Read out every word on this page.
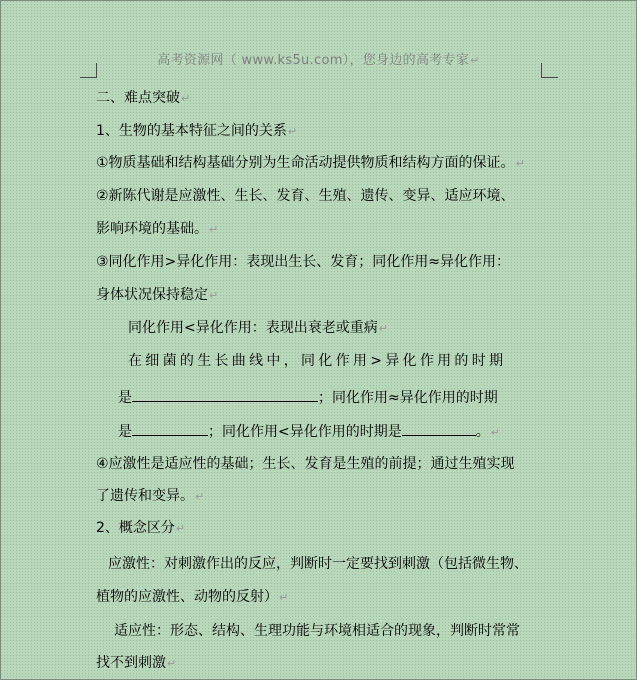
高考资源网（ www.ks5u.com），您身边的高考专家↵
二、难点突破↵
1、生物的基本特征之间的关系↵
①物质基础和结构基础分别为生命活动提供物质和结构方面的保证。↵
②新陈代谢是应激性、生长、发育、生殖、遗传、变异、适应环境、
影响环境的基础。↵
③同化作用>异化作用：表现出生长、发育；同化作用≈异化作用：
身体状况保持稳定↵
同化作用<异化作用：表现出衰老或重病↵
在细菌的生长曲线中，同化作用>异化作用的时期
是	；同化作用≈异化作用的时期
是	；同化作用<异化作用的时期是	。↵
④应激性是适应性的基础；生长、发育是生殖的前提；通过生殖实现
了遗传和变异。↵
2、概念区分↵
应激性：对刺激作出的反应，判断时一定要找到刺激（包括微生物、
植物的应激性、动物的反射）↵
适应性：形态、结构、生理功能与环境相适合的现象，判断时常常
找不到刺激↵
